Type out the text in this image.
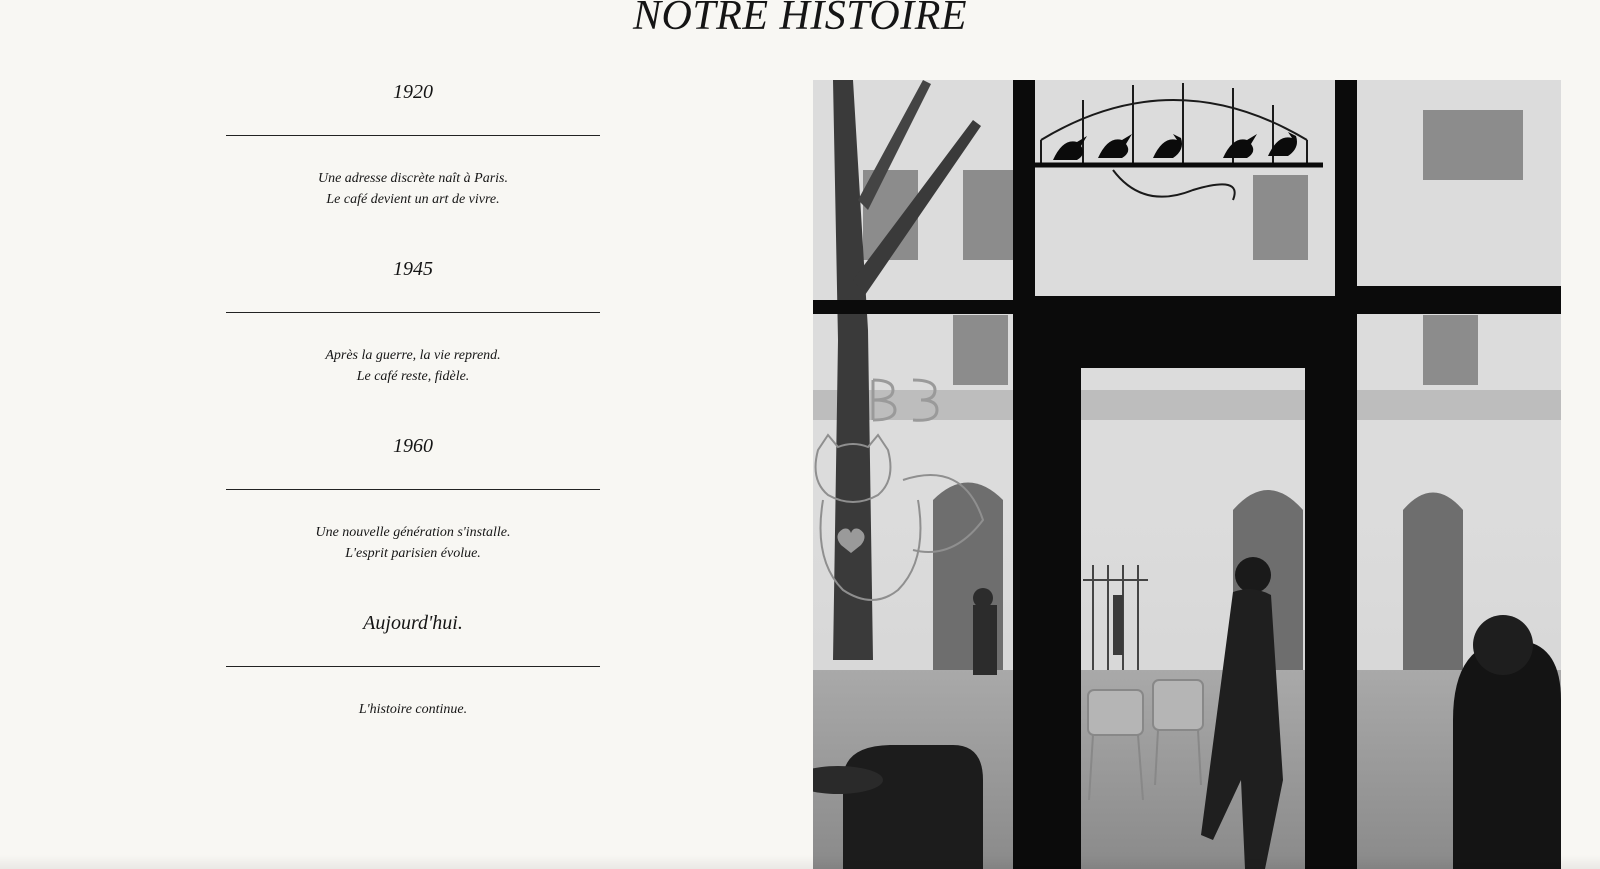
NOTRE HISTOIRE
1920
Une adresse discrète naît à Paris.
Le café devient un art de vivre.
1945
Après la guerre, la vie reprend.
Le café reste, fidèle.
1960
Une nouvelle génération s'installe.
L'esprit parisien évolue.
Aujourd'hui.
L'histoire continue.
